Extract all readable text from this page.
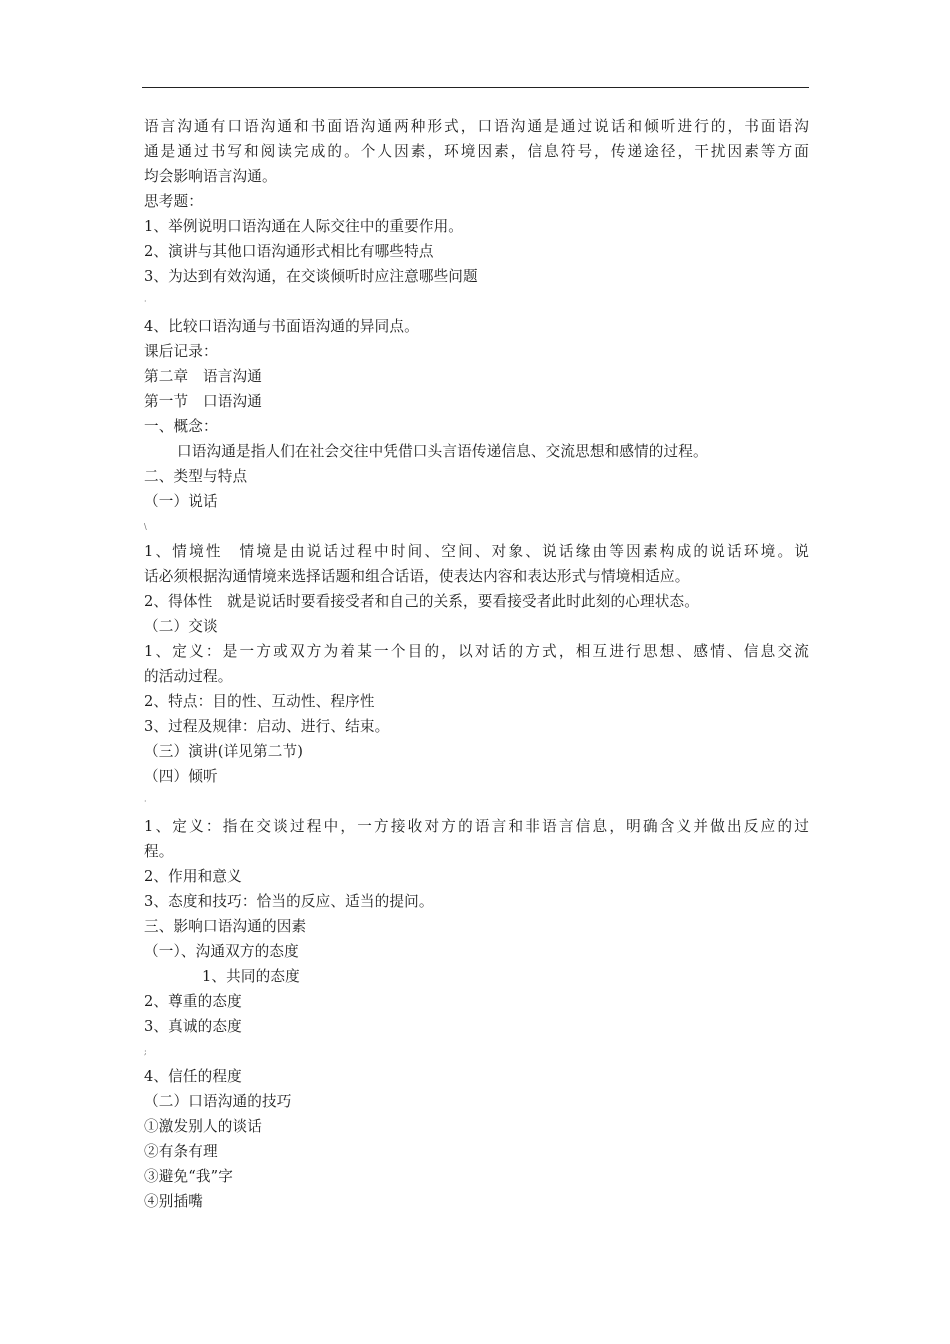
语言沟通有口语沟通和书面语沟通两种形式，口语沟通是通过说话和倾听进行的，书面语沟
通是通过书写和阅读完成的。个人因素，环境因素，信息符号，传递途径，干扰因素等方面
均会影响语言沟通。
思考题：
1、举例说明口语沟通在人际交往中的重要作用。
2、演讲与其他口语沟通形式相比有哪些特点
3、为达到有效沟通，在交谈倾听时应注意哪些问题
·
4、比较口语沟通与书面语沟通的异同点。
课后记录：
第二章　语言沟通
第一节　口语沟通
一、概念：
口语沟通是指人们在社会交往中凭借口头言语传递信息、交流思想和感情的过程。
二、类型与特点
（一）说话
\
1、情境性　情境是由说话过程中时间、空间、对象、说话缘由等因素构成的说话环境。说
话必须根据沟通情境来选择话题和组合话语，使表达内容和表达形式与情境相适应。
2、得体性　就是说话时要看接受者和自己的关系，要看接受者此时此刻的心理状态。
（二）交谈
1、定义：是一方或双方为着某一个目的，以对话的方式，相互进行思想、感情、信息交流
的活动过程。
2、特点：目的性、互动性、程序性
3、过程及规律：启动、进行、结束。
（三）演讲(详见第二节)
（四）倾听
·
1、定义：指在交谈过程中，一方接收对方的语言和非语言信息，明确含义并做出反应的过
程。
2、作用和意义
3、态度和技巧：恰当的反应、适当的提问。
三、影响口语沟通的因素
（一）、沟通双方的态度
1、共同的态度
2、尊重的态度
3、真诚的态度
;
4、信任的程度
（二）口语沟通的技巧
①激发别人的谈话
②有条有理
③避免“我”字
④别插嘴
